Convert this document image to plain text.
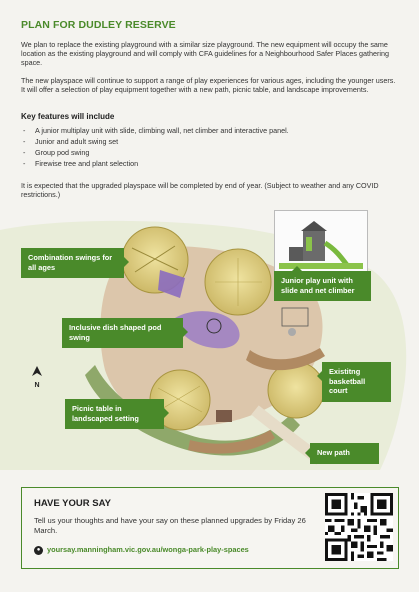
PLAN FOR DUDLEY RESERVE
We plan to replace the existing playground with a similar size playground. The new equipment will occupy the same location as the existing playground and will comply with CFA guidelines for a Neighbourhood Safer Places gathering space.
The new playspace will continue to support a range of play experiences for various ages, including the younger users. It will offer a selection of play equipment together with a new path, picnic table, and landscape improvements.
Key features will include
- A junior multiplay unit with slide, climbing wall, net climber and interactive panel.
- Junior and adult swing set
- Group pod swing
- Firewise tree and plant selection
It is expected that the upgraded playspace will be completed by end of year. (Subject to weather and any COVID restrictions.)
Combination swings for all ages
Inclusive dish shaped pod swing
Junior play unit with slide and net climber
Existitng basketball court
Picnic table in landscaped setting
New path
N
HAVE YOUR SAY
Tell us your thoughts and have your say on these planned upgrades by Friday 26 March.
● yoursay.manningham.vic.gov.au/wonga-park-play-spaces
